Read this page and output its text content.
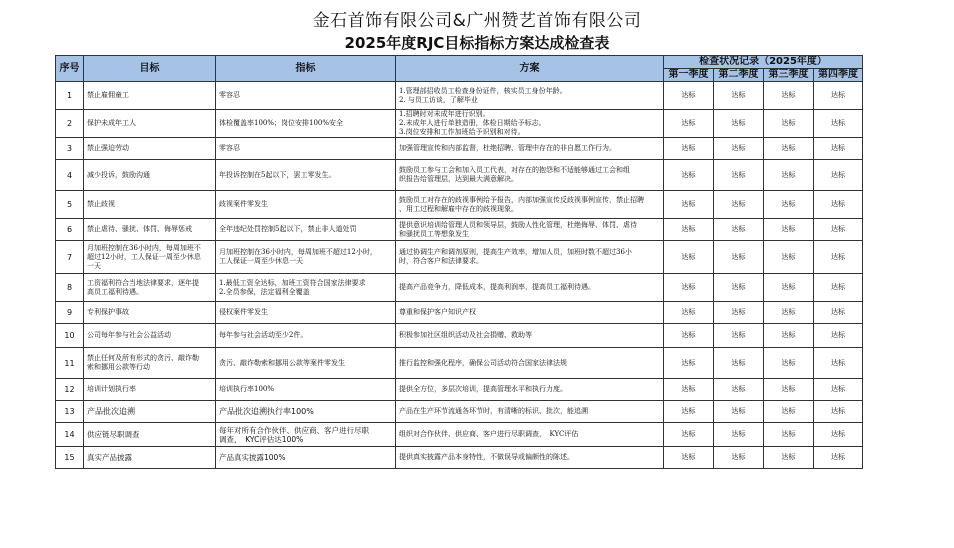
金石首饰有限公司&广州赞艺首饰有限公司
2025年度RJC目标指标方案达成检查表
序号	目标	指标	方案	检查状况记录（2025年度）			
				第一季度	第二季度	第三季度	第四季度
1	禁止雇佣童工	零容忍	1.管理部招收员工检查身份证件，核实员工身份年龄。
2. 与员工访谈，了解毕业	达标	达标	达标	达标
2	保护未成年工人	体检覆盖率100%；岗位安排100%安全	1.招聘时对未成年进行识别。
2.未成年人进行单独造册，体检日期给予标志。
3.岗位安排和工作加班给予识别和对待。	达标	达标	达标	达标
3	禁止强迫劳动	零容忍	加强管理宣传和内部监督，杜绝招聘、管理中存在的非自愿工作行为。	达标	达标	达标	达标
4	减少投诉，鼓励沟通	年投诉控制在5起以下，罢工零发生。	鼓励员工参与工会和加入员工代表，对存在的抱怨和不适能够通过工会和组
织报告给管理层，达到最大满意解决。	达标	达标	达标	达标
5	禁止歧视	歧视案件零发生	鼓励员工对存在的歧视事例给予报告，内部加强宣传反歧视事例宣传，禁止招聘
、用工过程和解雇中存在的歧视现象。	达标	达标	达标	达标
6	禁止虐待、骚扰、体罚、侮辱惩戒	全年违纪处罚控制5起以下，禁止非人道处罚	提供意识培训给管理人员和领导层，鼓励人性化管理，杜绝侮辱、体罚、虐待
和骚扰员工等想象发生	达标	达标	达标	达标
7	月加班控制在36小时内，每周加班不
超过12小时，工人保证一周至少休息
一天	月加班控制在36小时内，每周加班不超过12小时，
工人保证一周至少休息一天	通过协调生产和调剂原则，提高生产效率，增加人员，加班时数不超过36小
时，符合客户和法律要求。	达标	达标	达标	达标
8	工资福利符合当地法律要求，逐年提
高员工福利待遇。	1.最低工资全达标，加班工资符合国家法律要求
2.全员参保，法定福利全覆盖	提高产品竞争力，降低成本，提高利润率，提高员工福利待遇。	达标	达标	达标	达标
9	专利保护事故	侵权案件零发生	尊重和保护客户知识产权	达标	达标	达标	达标
10	公司每年参与社会公益活动	每年参与社会活动至少2件。	积极参加社区组织活动及社会捐赠、救助等	达标	达标	达标	达标
11	禁止任何及所有形式的贪污、敲诈勒
索和挪用公款等行动	贪污、敲诈勒索和挪用公款等案件零发生	推行监控和强化程序，确保公司活动符合国家法律法规	达标	达标	达标	达标
12	培训计划执行率	培训执行率100%	提供全方位，多层次培训，提高管理水平和执行力度。	达标	达标	达标	达标
13	产品批次追溯	产品批次追溯执行率100%	产品在生产环节流通各环节时，有清晰的标识、批次，能追溯	达标	达标	达标	达标
14	供应链尽职调查	每年对所有合作伙伴、供应商、客户进行尽职
调查，　KYC评估达100%	组织对合作伙伴、供应商、客户进行尽职调查，　KYC评估	达标	达标	达标	达标
15	真实产品披露	产品真实披露100%	提供真实披露产品本身特性，不做误导或偏颇性的陈述。	达标	达标	达标	达标
